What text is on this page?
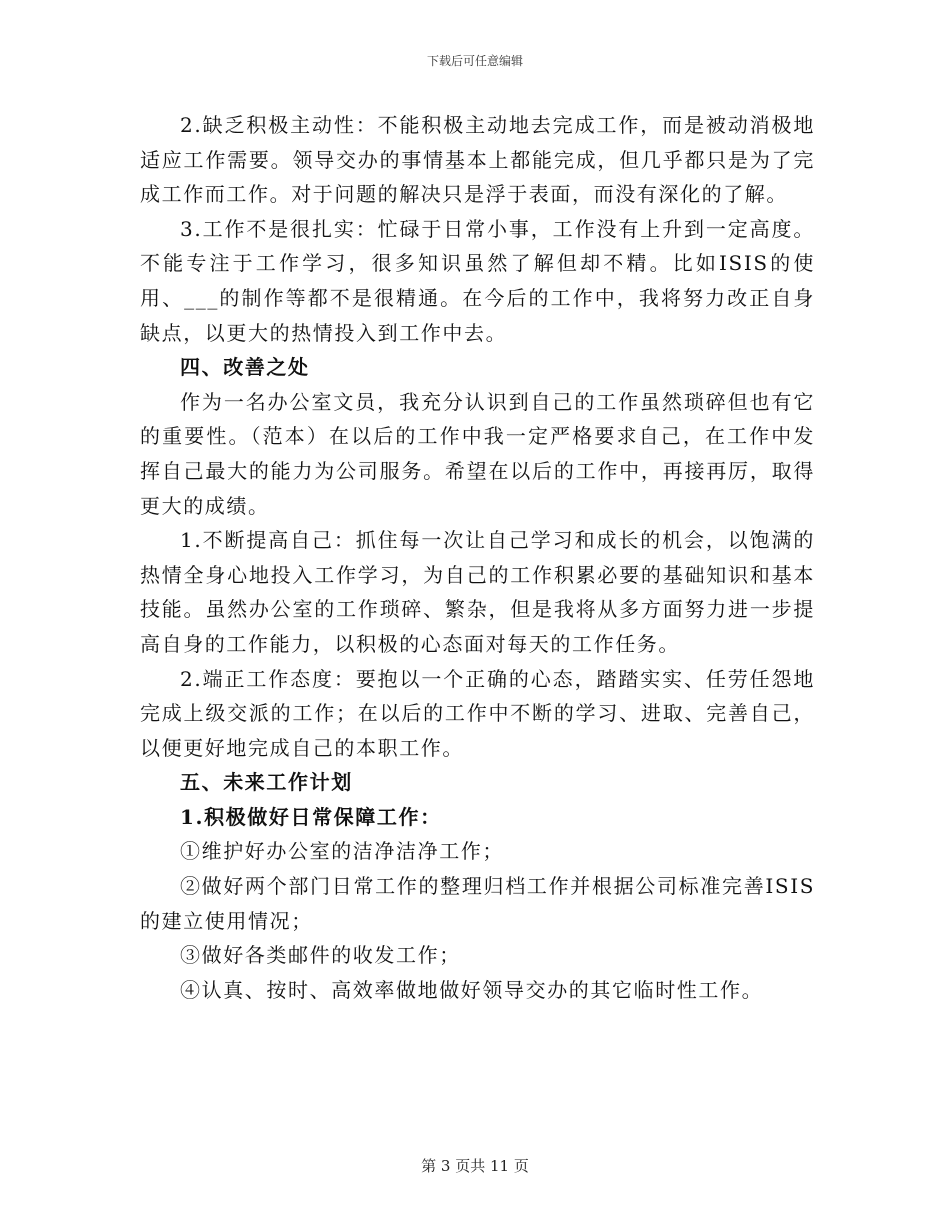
下载后可任意编辑

2.缺乏积极主动性：不能积极主动地去完成工作，而是被动消极地适应工作需要。领导交办的事情基本上都能完成，但几乎都只是为了完成工作而工作。对于问题的解决只是浮于表面，而没有深化的了解。

3.工作不是很扎实：忙碌于日常小事，工作没有上升到一定高度。不能专注于工作学习，很多知识虽然了解但却不精。比如ISIS的使用、___的制作等都不是很精通。在今后的工作中，我将努力改正自身缺点，以更大的热情投入到工作中去。

四、改善之处

作为一名办公室文员，我充分认识到自己的工作虽然琐碎但也有它的重要性。（范本）在以后的工作中我一定严格要求自己，在工作中发挥自己最大的能力为公司服务。希望在以后的工作中，再接再厉，取得更大的成绩。

1.不断提高自己：抓住每一次让自己学习和成长的机会，以饱满的热情全身心地投入工作学习，为自己的工作积累必要的基础知识和基本技能。虽然办公室的工作琐碎、繁杂，但是我将从多方面努力进一步提高自身的工作能力，以积极的心态面对每天的工作任务。

2.端正工作态度：要抱以一个正确的心态，踏踏实实、任劳任怨地完成上级交派的工作；在以后的工作中不断的学习、进取、完善自己，以便更好地完成自己的本职工作。

五、未来工作计划

1.积极做好日常保障工作：

①维护好办公室的洁净洁净工作；

②做好两个部门日常工作的整理归档工作并根据公司标准完善ISIS的建立使用情况；

③做好各类邮件的收发工作；

④认真、按时、高效率做地做好领导交办的其它临时性工作。

第 3 页共 11 页
